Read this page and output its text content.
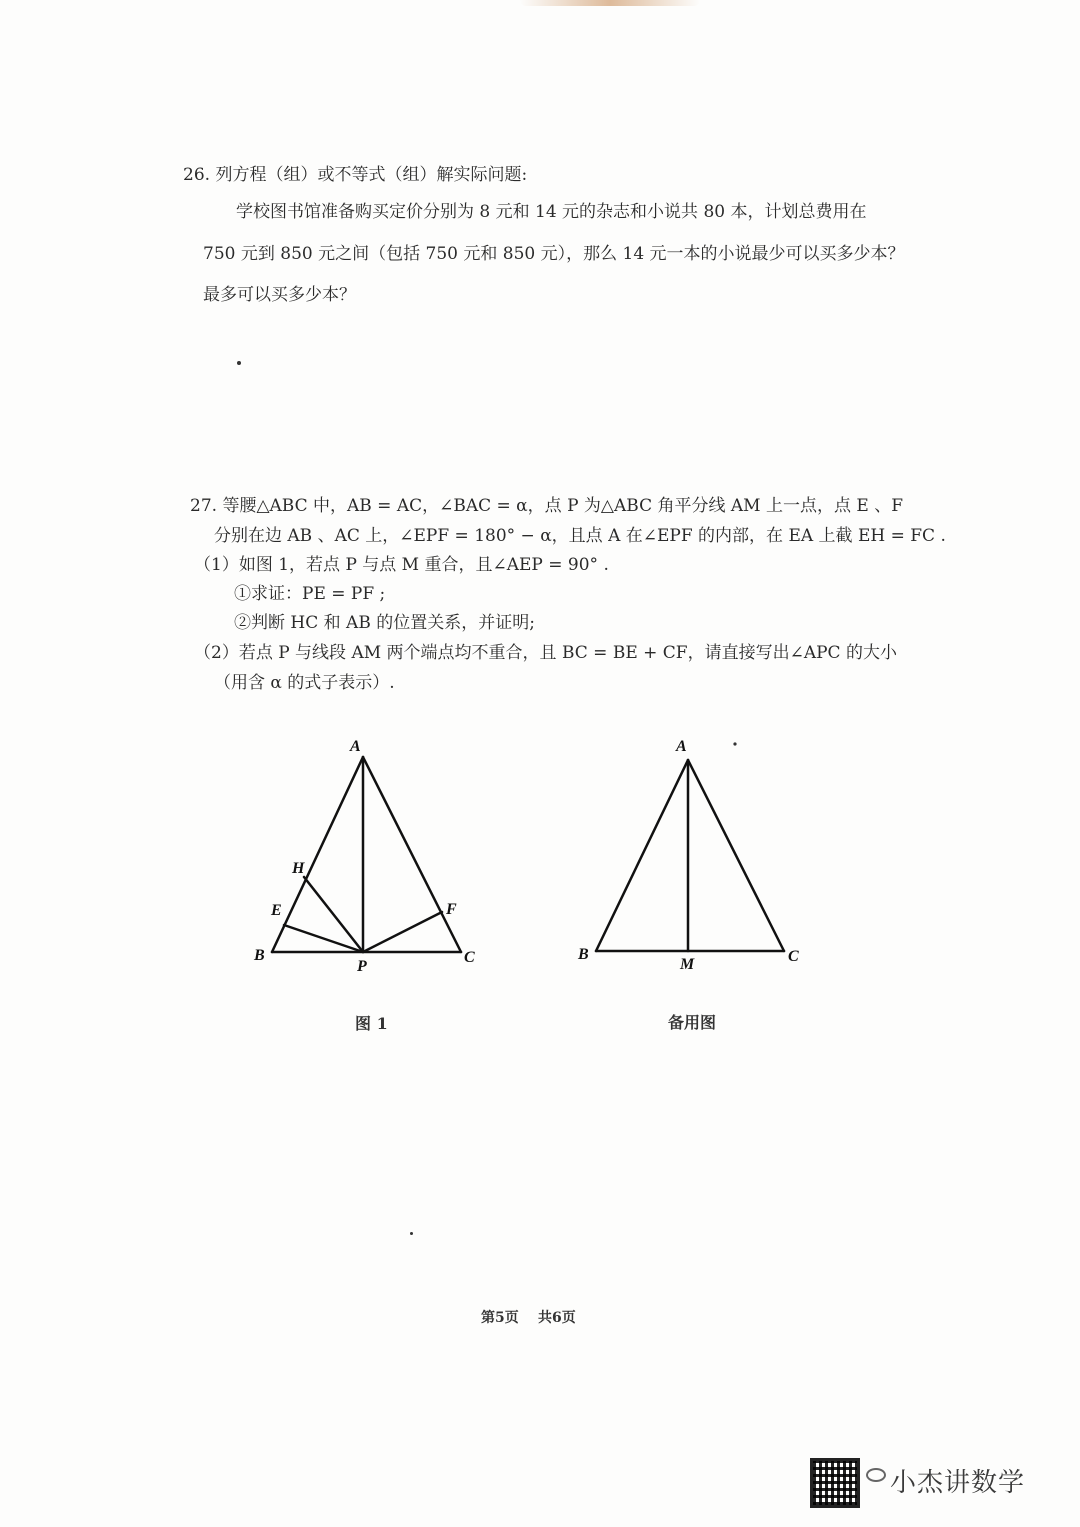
26. 列方程（组）或不等式（组）解实际问题:
学校图书馆准备购买定价分别为 8 元和 14 元的杂志和小说共 80 本，计划总费用在
750 元到 850 元之间（包括 750 元和 850 元），那么 14 元一本的小说最少可以买多少本？
最多可以买多少本？
27. 等腰△ABC 中，AB = AC，∠BAC = α，点 P 为△ABC 角平分线 AM 上一点，点 E 、F
分别在边 AB 、AC 上，∠EPF = 180° − α，且点 A 在∠EPF 的内部，在 EA 上截 EH = FC .
（1）如图 1，若点 P 与点 M 重合，且∠AEP = 90° .
①求证：PE = PF ;
②判断 HC 和 AB 的位置关系，并证明;
（2）若点 P 与线段 AM 两个端点均不重合，且 BC = BE + CF，请直接写出∠APC 的大小
（用含 α 的式子表示）.
A
H
E	F
B
P
C
图 1
A
B
M	C
备用图
第5页 共6页
小杰讲数学
